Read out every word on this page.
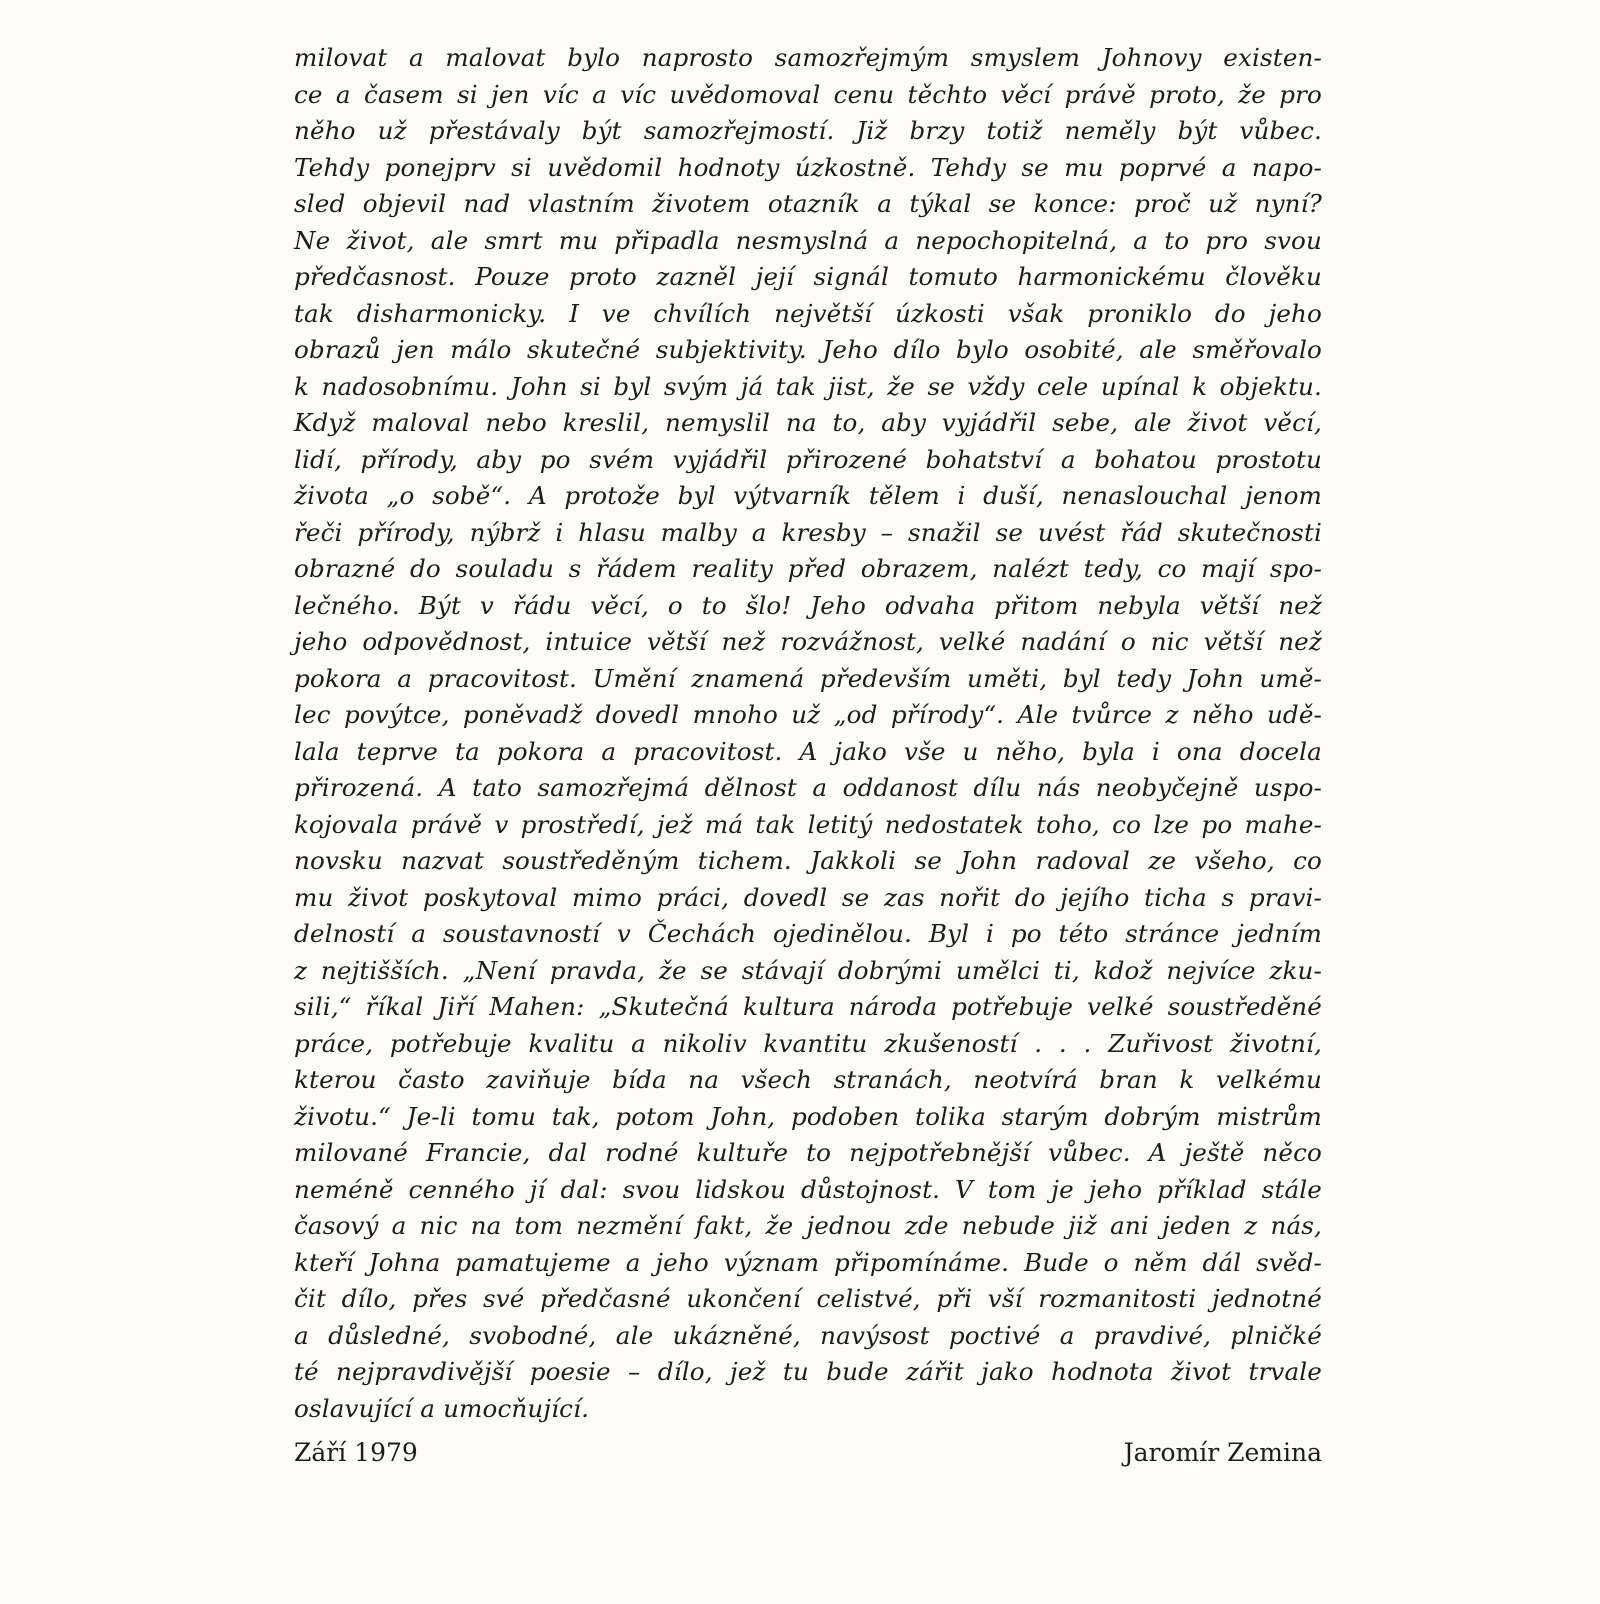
milovat a malovat bylo naprosto samozřejmým smyslem Johnovy existen-
ce a časem si jen víc a víc uvědomoval cenu těchto věcí právě proto, že pro
něho už přestávaly být samozřejmostí. Již brzy totiž neměly být vůbec.
Tehdy ponejprv si uvědomil hodnoty úzkostně. Tehdy se mu poprvé a napo-
sled objevil nad vlastním životem otazník a týkal se konce: proč už nyní?
Ne život, ale smrt mu připadla nesmyslná a nepochopitelná, a to pro svou
předčasnost. Pouze proto zazněl její signál tomuto harmonickému člověku
tak disharmonicky. I ve chvílích největší úzkosti však proniklo do jeho
obrazů jen málo skutečné subjektivity. Jeho dílo bylo osobité, ale směřovalo
k nadosobnímu. John si byl svým já tak jist, že se vždy cele upínal k objektu.
Když maloval nebo kreslil, nemyslil na to, aby vyjádřil sebe, ale život věcí,
lidí, přírody, aby po svém vyjádřil přirozené bohatství a bohatou prostotu
života „o sobě“. A protože byl výtvarník tělem i duší, nenaslouchal jenom
řeči přírody, nýbrž i hlasu malby a kresby – snažil se uvést řád skutečnosti
obrazné do souladu s řádem reality před obrazem, nalézt tedy, co mají spo-
lečného. Být v řádu věcí, o to šlo! Jeho odvaha přitom nebyla větší než
jeho odpovědnost, intuice větší než rozvážnost, velké nadání o nic větší než
pokora a pracovitost. Umění znamená především uměti, byl tedy John umě-
lec povýtce, poněvadž dovedl mnoho už „od přírody“. Ale tvůrce z něho udě-
lala teprve ta pokora a pracovitost. A jako vše u něho, byla i ona docela
přirozená. A tato samozřejmá dělnost a oddanost dílu nás neobyčejně uspo-
kojovala právě v prostředí, jež má tak letitý nedostatek toho, co lze po mahe-
novsku nazvat soustředěným tichem. Jakkoli se John radoval ze všeho, co
mu život poskytoval mimo práci, dovedl se zas nořit do jejího ticha s pravi-
delností a soustavností v Čechách ojedinělou. Byl i po této stránce jedním
z nejtišších. „Není pravda, že se stávají dobrými umělci ti, kdož nejvíce zku-
sili,“ říkal Jiří Mahen: „Skutečná kultura národa potřebuje velké soustředěné
práce, potřebuje kvalitu a nikoliv kvantitu zkušeností . . . Zuřivost životní,
kterou často zaviňuje bída na všech stranách, neotvírá bran k velkému
životu.“ Je-li tomu tak, potom John, podoben tolika starým dobrým mistrům
milované Francie, dal rodné kultuře to nejpotřebnější vůbec. A ještě něco
neméně cenného jí dal: svou lidskou důstojnost. V tom je jeho příklad stále
časový a nic na tom nezmění fakt, že jednou zde nebude již ani jeden z nás,
kteří Johna pamatujeme a jeho význam připomínáme. Bude o něm dál svěd-
čit dílo, přes své předčasné ukončení celistvé, při vší rozmanitosti jednotné
a důsledné, svobodné, ale ukázněné, navýsost poctivé a pravdivé, plničké
té nejpravdivější poesie – dílo, jež tu bude zářit jako hodnota život trvale
oslavující a umocňující.
Září 1979	Jaromír Zemina
